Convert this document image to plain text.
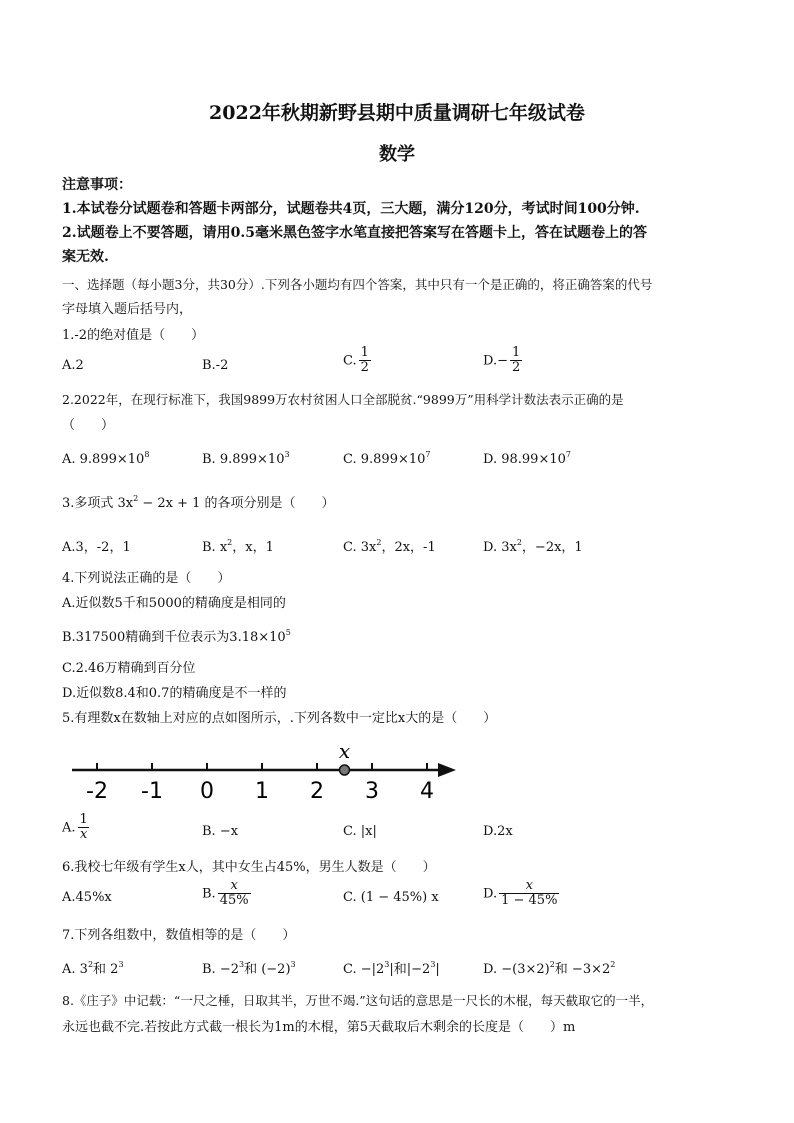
2022年秋期新野县期中质量调研七年级试卷
数学
注意事项：
1.本试卷分试题卷和答题卡两部分，试题卷共4页，三大题，满分120分，考试时间100分钟.
2.试题卷上不要答题，请用0.5毫米黑色签字水笔直接把答案写在答题卡上，答在试题卷上的答
案无效.
一、选择题（每小题3分，共30分）.下列各小题均有四个答案，其中只有一个是正确的，将正确答案的代号
字母填入题后括号内，
1.-2的绝对值是（　　）
A.2	B.-2	C. $\frac{1}{2}$	$D.- \frac{1}{2}$
2.2022年，在现行标准下，我国9899万农村贫困人口全部脱贫.“9899万”用科学计数法表示正确的是
（　　）
A. $9.899\times 10^8$	B. $9.899\times 10^3$	C. $9.899\times 10^7$	D. $98.99\times 10^7$
3.多项式 $3x^2 - 2x + 1$ 的各项分别是（　　）
A.3，-2，1	B. $x^2$，x，1	C. $3x^2$，2x，-1	D. $3x^2$，−2x，1
4.下列说法正确的是（　　）
A.近似数5千和5000的精确度是相同的
B.317500精确到千位表示为$3.18\times 10^5$
C.2.46万精确到百分位
D.近似数8.4和0.7的精确度是不一样的
5.有理数x在数轴上对应的点如图所示，.下列各数中一定比x大的是（　　）
-2 -1 0 1 2 3 4
x
A. $\frac{1}{x}$	B. −x	C. |x|	D.2x
6.我校七年级有学生x人，其中女生占45%，男生人数是（　　）
A.45%x	B. $\frac{x}{45\%}$	C. (1 − 45%) x	D. $\frac{x}{1 - 45\%}$
7.下列各组数中，数值相等的是（　　）
A. $3^2$和 $2^3$	B. $-2^3$和 $(-2)^3$	C. $-|2^3|$和$|-2^3|$	D. $-(3\times 2)^2$和 $-3\times 2^2$
8.《庄子》中记载：“一尺之棰，日取其半，万世不竭.”这句话的意思是一尺长的木棍，每天截取它的一半，
永远也截不完.若按此方式截一根长为1m的木棍，第5天截取后木剩余的长度是（　　）m
